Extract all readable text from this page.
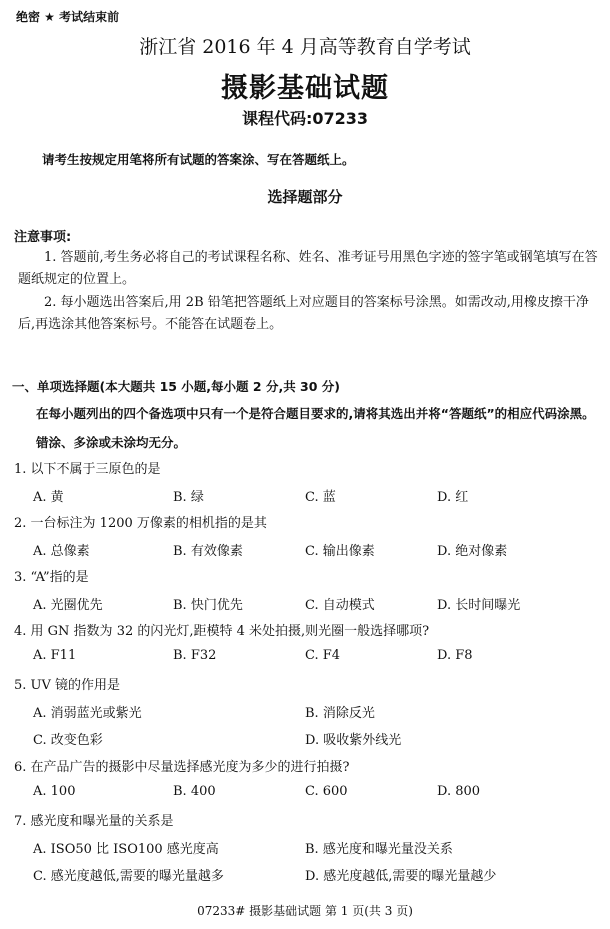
绝密 ★ 考试结束前
浙江省 2016 年 4 月高等教育自学考试
摄影基础试题
课程代码:07233
请考生按规定用笔将所有试题的答案涂、写在答题纸上。
选择题部分
注意事项:
1. 答题前,考生务必将自己的考试课程名称、姓名、准考证号用黑色字迹的签字笔或钢笔填写在答题纸规定的位置上。
2. 每小题选出答案后,用 2B 铅笔把答题纸上对应题目的答案标号涂黑。如需改动,用橡皮擦干净后,再选涂其他答案标号。不能答在试题卷上。
一、单项选择题(本大题共 15 小题,每小题 2 分,共 30 分)
在每小题列出的四个备选项中只有一个是符合题目要求的,请将其选出并将“答题纸”的相应代码涂黑。错涂、多涂或未涂均无分。
1. 以下不属于三原色的是
A. 黄	B. 绿	C. 蓝	D. 红
2. 一台标注为 1200 万像素的相机指的是其
A. 总像素	B. 有效像素	C. 输出像素	D. 绝对像素
3. “A”指的是
A. 光圈优先	B. 快门优先	C. 自动模式	D. 长时间曝光
4. 用 GN 指数为 32 的闪光灯,距模特 4 米处拍摄,则光圈一般选择哪项?
A. F11	B. F32	C. F4	D. F8
5. UV 镜的作用是
A. 消弱蓝光或紫光	B. 消除反光
C. 改变色彩	D. 吸收紫外线光
6. 在产品广告的摄影中尽量选择感光度为多少的进行拍摄?
A. 100	B. 400	C. 600	D. 800
7. 感光度和曝光量的关系是
A. ISO50 比 ISO100 感光度高	B. 感光度和曝光量没关系
C. 感光度越低,需要的曝光量越多	D. 感光度越低,需要的曝光量越少
07233# 摄影基础试题 第 1 页(共 3 页)
